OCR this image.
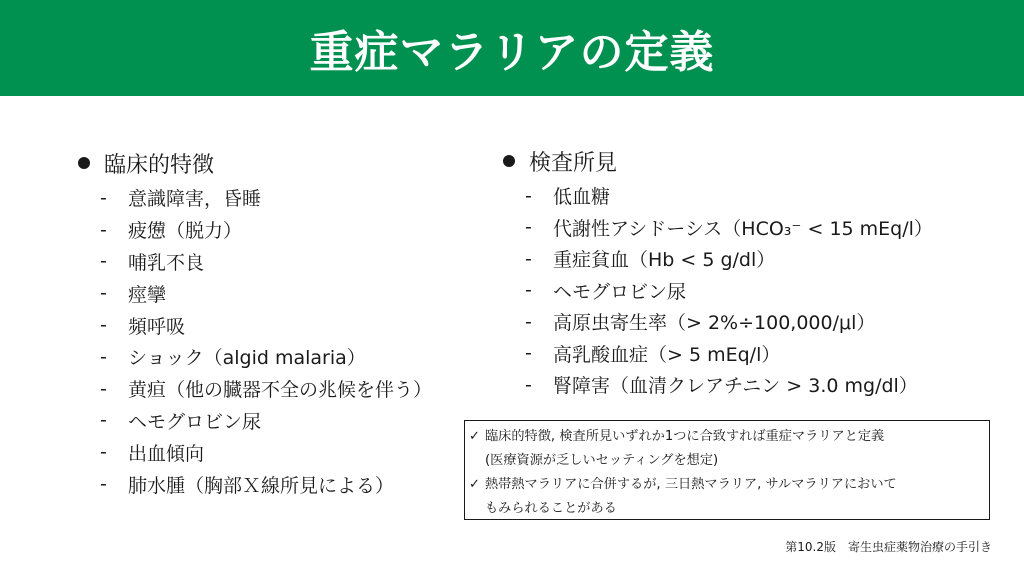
重症マラリアの定義
臨床的特徴
-	意識障害，昏睡
-	疲憊（脱力）
-	哺乳不良
-	痙攣
-	頻呼吸
-	ショック（algid malaria）
-	黄疸（他の臓器不全の兆候を伴う）
-	ヘモグロビン尿
-	出血傾向
-	肺水腫（胸部Ｘ線所見による）
検査所見
-	低血糖
-	代謝性アシドーシス（HCO₃⁻ < 15 mEq/l）
-	重症貧血（Hb < 5 g/dl）
-	ヘモグロビン尿
-	高原虫寄生率（> 2%÷100,000/μl）
-	高乳酸血症（> 5 mEq/l）
-	腎障害（血清クレアチニン > 3.0 mg/dl）
✓ 臨床的特徴, 検査所見いずれか1つに合致すれば重症マラリアと定義
(医療資源が乏しいセッティングを想定)
✓ 熱帯熱マラリアに合併するが, 三日熱マラリア, サルマラリアにおいて
もみられることがある
第10.2版　寄生虫症薬物治療の手引き
